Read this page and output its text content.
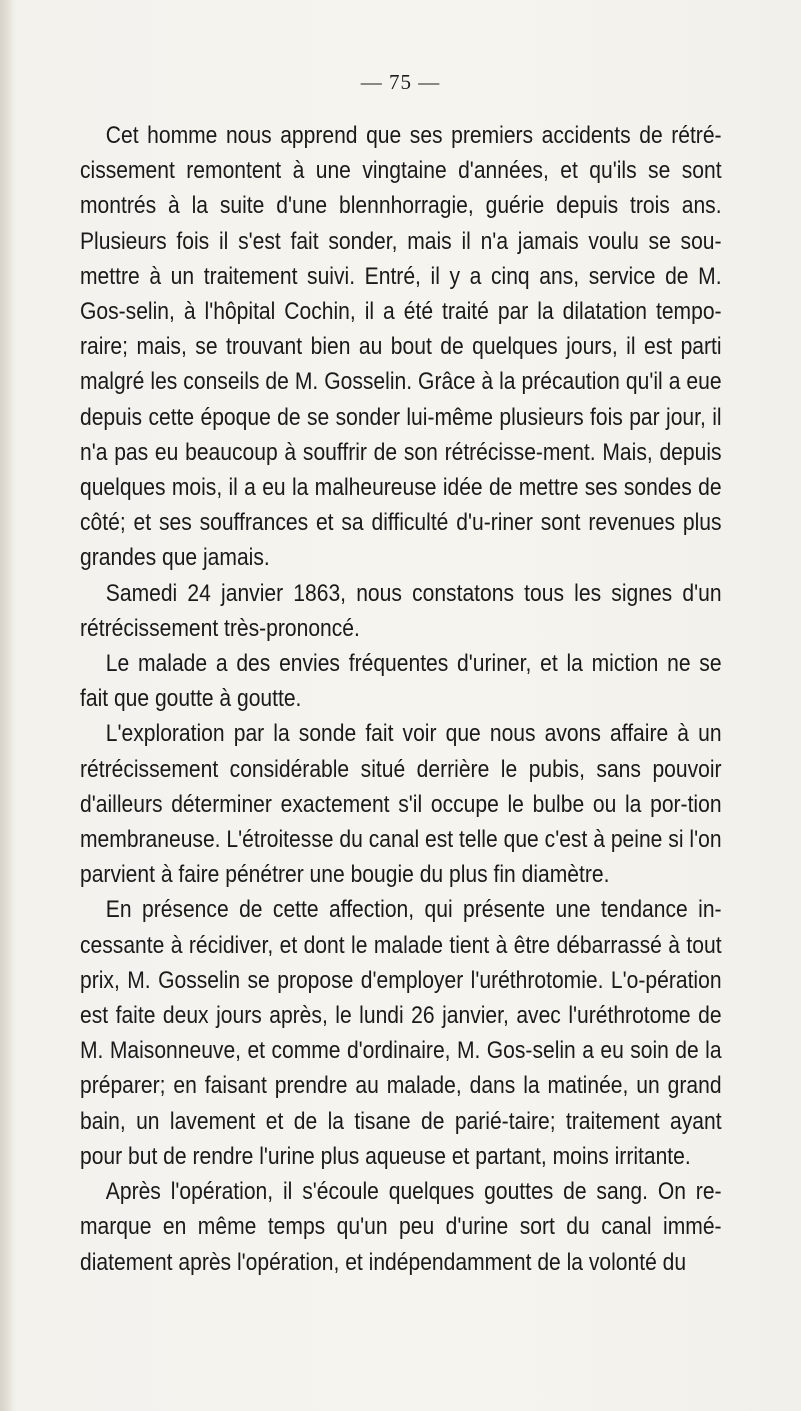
— 75 —

Cet homme nous apprend que ses premiers accidents de rétré-cissement remontent à une vingtaine d'années, et qu'ils se sont montrés à la suite d'une blennhorragie, guérie depuis trois ans. Plusieurs fois il s'est fait sonder, mais il n'a jamais voulu se sou-mettre à un traitement suivi. Entré, il y a cinq ans, service de M. Gos-selin, à l'hôpital Cochin, il a été traité par la dilatation tempo-raire; mais, se trouvant bien au bout de quelques jours, il est parti malgré les conseils de M. Gosselin. Grâce à la précaution qu'il a eue depuis cette époque de se sonder lui-même plusieurs fois par jour, il n'a pas eu beaucoup à souffrir de son rétrécisse-ment. Mais, depuis quelques mois, il a eu la malheureuse idée de mettre ses sondes de côté; et ses souffrances et sa difficulté d'u-riner sont revenues plus grandes que jamais.

Samedi 24 janvier 1863, nous constatons tous les signes d'un rétrécissement très-prononcé.

Le malade a des envies fréquentes d'uriner, et la miction ne se fait que goutte à goutte.

L'exploration par la sonde fait voir que nous avons affaire à un rétrécissement considérable situé derrière le pubis, sans pouvoir d'ailleurs déterminer exactement s'il occupe le bulbe ou la por-tion membraneuse. L'étroitesse du canal est telle que c'est à peine si l'on parvient à faire pénétrer une bougie du plus fin diamètre.

En présence de cette affection, qui présente une tendance in-cessante à récidiver, et dont le malade tient à être débarrassé à tout prix, M. Gosselin se propose d'employer l'uréthrotomie. L'o-pération est faite deux jours après, le lundi 26 janvier, avec l'uréthrotome de M. Maisonneuve, et comme d'ordinaire, M. Gos-selin a eu soin de la préparer; en faisant prendre au malade, dans la matinée, un grand bain, un lavement et de la tisane de parié-taire; traitement ayant pour but de rendre l'urine plus aqueuse et partant, moins irritante.

Après l'opération, il s'écoule quelques gouttes de sang. On re-marque en même temps qu'un peu d'urine sort du canal immé-diatement après l'opération, et indépendamment de la volonté du
